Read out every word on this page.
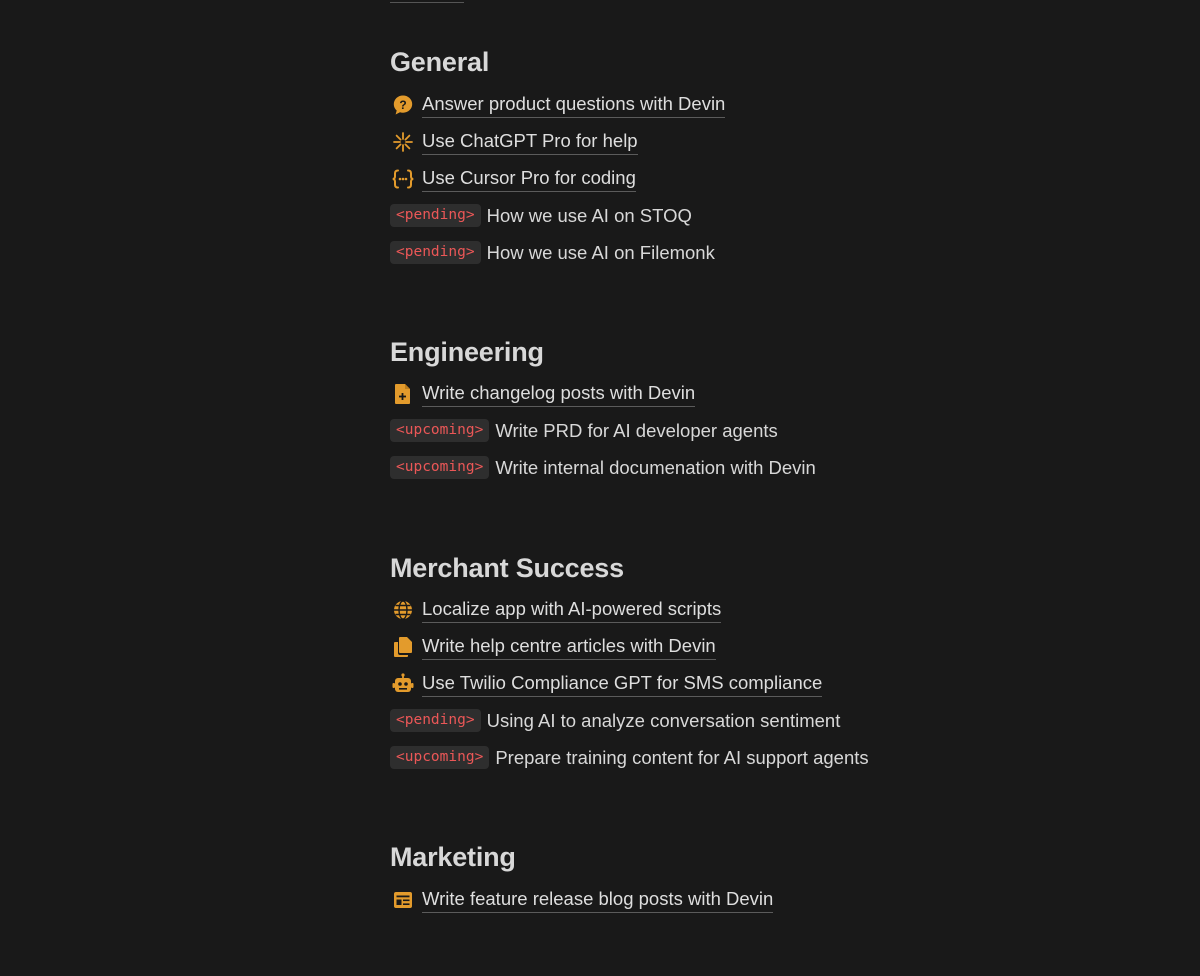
General
? Answer product questions with Devin
Use ChatGPT Pro for help
Use Cursor Pro for coding
<pending> How we use AI on STOQ
<pending> How we use AI on Filemonk
Engineering
Write changelog posts with Devin
<upcoming> Write PRD for AI developer agents
<upcoming> Write internal documenation with Devin
Merchant Success
Localize app with AI-powered scripts
Write help centre articles with Devin
Use Twilio Compliance GPT for SMS compliance
<pending> Using AI to analyze conversation sentiment
<upcoming> Prepare training content for AI support agents
Marketing
Write feature release blog posts with Devin
